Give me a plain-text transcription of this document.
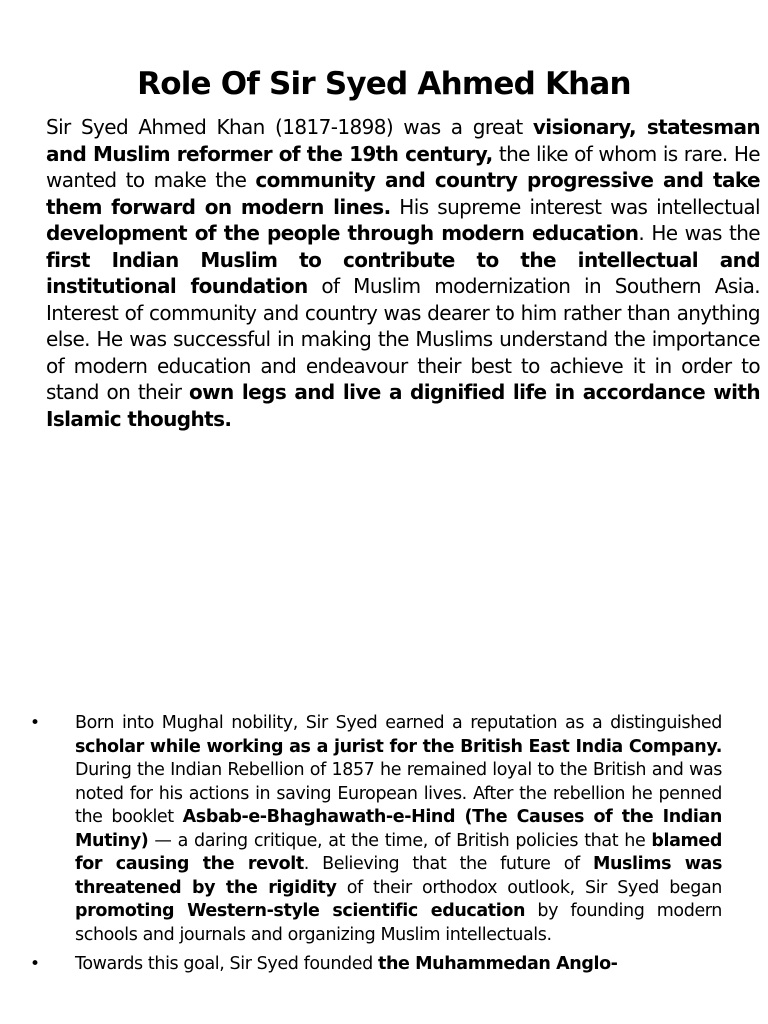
Role Of Sir Syed Ahmed Khan

Sir Syed Ahmed Khan (1817-1898) was a great visionary, statesman and Muslim reformer of the 19th century, the like of whom is rare. He wanted to make the community and country progressive and take them forward on modern lines. His supreme interest was intellectual development of the people through modern education. He was the first Indian Muslim to contribute to the intellectual and institutional foundation of Muslim modernization in Southern Asia. Interest of community and country was dearer to him rather than anything else. He was successful in making the Muslims understand the importance of modern education and endeavour their best to achieve it in order to stand on their own legs and live a dignified life in accordance with Islamic thoughts.

•	Born into Mughal nobility, Sir Syed earned a reputation as a distinguished scholar while working as a jurist for the British East India Company. During the Indian Rebellion of 1857 he remained loyal to the British and was noted for his actions in saving European lives. After the rebellion he penned the booklet Asbab-e-Bhaghawath-e-Hind (The Causes of the Indian Mutiny) — a daring critique, at the time, of British policies that he blamed for causing the revolt. Believing that the future of Muslims was threatened by the rigidity of their orthodox outlook, Sir Syed began promoting Western-style scientific education by founding modern schools and journals and organizing Muslim intellectuals.
•	Towards this goal, Sir Syed founded the Muhammedan Anglo-
